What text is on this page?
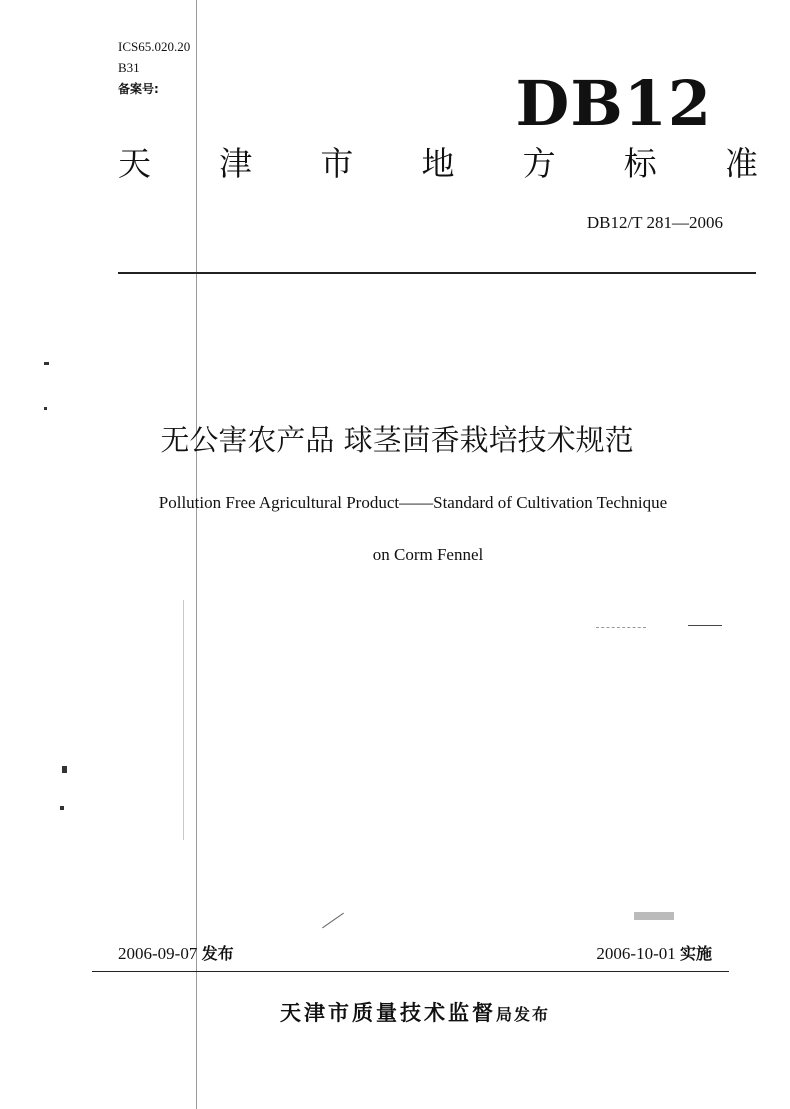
ICS65.020.20
B31
备案号:	DB12
天 津 市 地 方 标 准
DB12/T 281—2006
无公害农产品 球茎茴香栽培技术规范
Pollution Free Agricultural Product——Standard of Cultivation Technique
on Corm Fennel
2006-09-07 发布	2006-10-01 实施
天津市质量技术监督局发布
